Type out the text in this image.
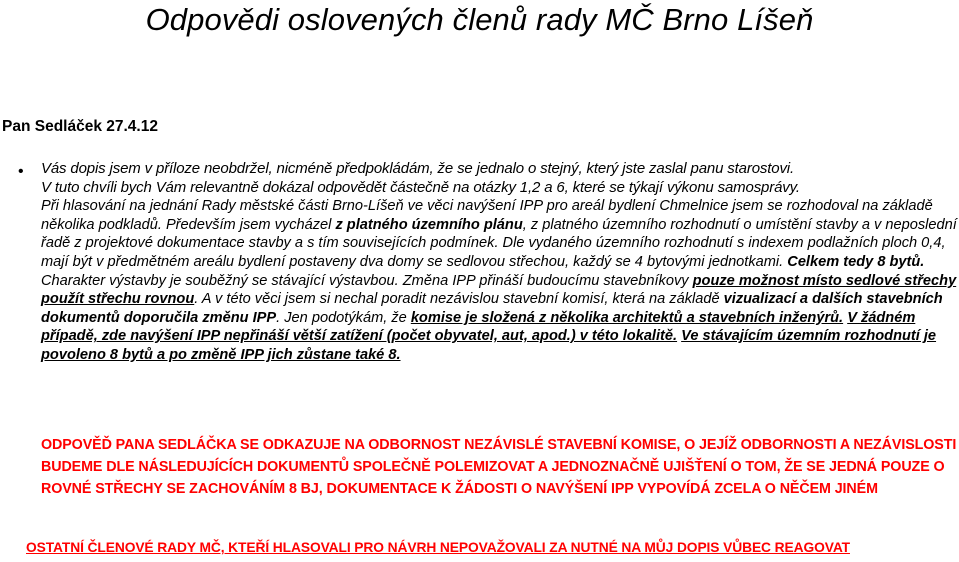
Odpovědi oslovených členů rady MČ Brno Líšeň
Pan Sedláček 27.4.12
• Vás dopis jsem v příloze neobdržel, nicméně předpokládám, že se jednalo o stejný, který jste zaslal panu starostovi.
V tuto chvíli bych Vám relevantně dokázal odpovědět částečně na otázky 1,2 a 6, které se týkají výkonu samosprávy.
Při hlasování na jednání Rady městské části Brno-Líšeň ve věci navýšení IPP pro areál bydlení Chmelnice jsem se rozhodoval na základě několika podkladů. Především jsem vycházel z platného územního plánu, z platného územního rozhodnutí o umístění stavby a v neposlední řadě z projektové dokumentace stavby a s tím souvisejících podmínek. Dle vydaného územního rozhodnutí s indexem podlažních ploch 0,4, mají být v předmětném areálu bydlení postaveny dva domy se sedlovou střechou, každý se 4 bytovými jednotkami. Celkem tedy 8 bytů. Charakter výstavby je souběžný se stávající výstavbou. Změna IPP přináší budoucímu stavebníkovy pouze možnost místo sedlové střechy použít střechu rovnou. A v této věci jsem si nechal poradit nezávislou stavební komisí, která na základě vizualizací a dalších stavebních dokumentů doporučila změnu IPP. Jen podotýkám, že komise je složená z několika architektů a stavebních inženýrů. V žádném případě, zde navýšení IPP nepřináší větší zatížení (počet obyvatel, aut, apod.) v této lokalitě. Ve stávajícím územním rozhodnutí je povoleno 8 bytů a po změně IPP jich zůstane také 8.
ODPOVĚĎ PANA SEDLÁČKA SE ODKAZUJE NA ODBORNOST NEZÁVISLÉ STAVEBNÍ KOMISE, O JEJÍŽ ODBORNOSTI A NEZÁVISLOSTI BUDEME DLE NÁSLEDUJÍCÍCH DOKUMENTŮ SPOLEČNĚ POLEMIZOVAT A JEDNOZNAČNĚ UJIŠŤENÍ O TOM, ŽE SE JEDNÁ POUZE O ROVNÉ STŘECHY SE ZACHOVÁNÍM 8 BJ, DOKUMENTACE K ŽÁDOSTI O NAVÝŠENÍ IPP VYPOVÍDÁ ZCELA O NĚČEM JINÉM
OSTATNÍ ČLENOVÉ RADY MČ, KTEŘÍ HLASOVALI PRO NÁVRH NEPOVAŽOVALI ZA NUTNÉ NA MŮJ DOPIS VŮBEC REAGOVAT
